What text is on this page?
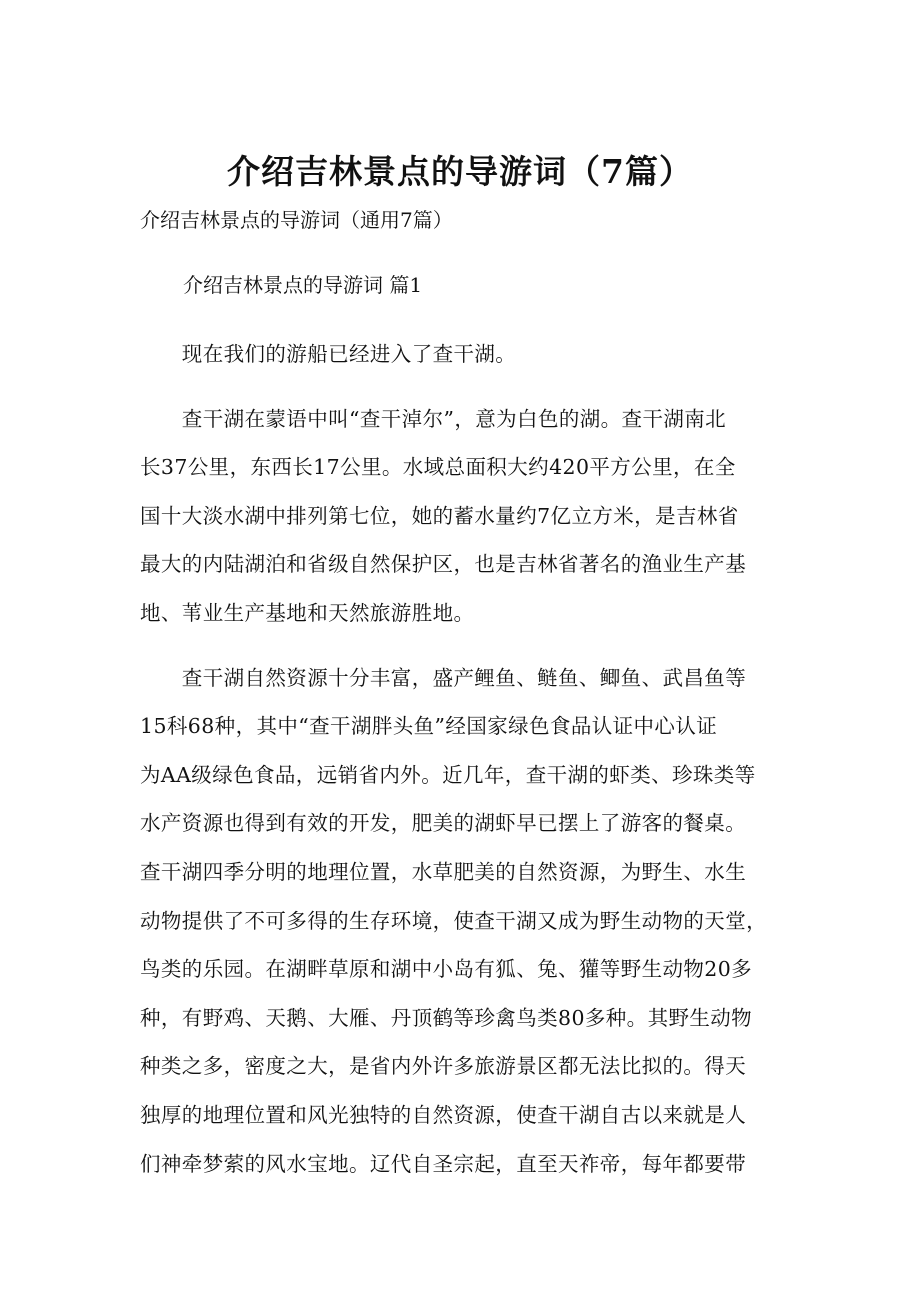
介绍吉林景点的导游词（7篇）
介绍吉林景点的导游词（通用7篇）
介绍吉林景点的导游词 篇1

　　现在我们的游船已经进入了查干湖。

　　查干湖在蒙语中叫“查干淖尔”，意为白色的湖。查干湖南北
长37公里，东西长17公里。水域总面积大约420平方公里，在全
国十大淡水湖中排列第七位，她的蓄水量约7亿立方米，是吉林省
最大的内陆湖泊和省级自然保护区，也是吉林省著名的渔业生产基
地、苇业生产基地和天然旅游胜地。

　　查干湖自然资源十分丰富，盛产鲤鱼、鲢鱼、鲫鱼、武昌鱼等
15科68种，其中“查干湖胖头鱼”经国家绿色食品认证中心认证
为AA级绿色食品，远销省内外。近几年，查干湖的虾类、珍珠类等
水产资源也得到有效的开发，肥美的湖虾早已摆上了游客的餐桌。
查干湖四季分明的地理位置，水草肥美的自然资源，为野生、水生
动物提供了不可多得的生存环境，使查干湖又成为野生动物的天堂，
鸟类的乐园。在湖畔草原和湖中小岛有狐、兔、獾等野生动物20多
种，有野鸡、天鹅、大雁、丹顶鹤等珍禽鸟类80多种。其野生动物
种类之多，密度之大，是省内外许多旅游景区都无法比拟的。得天
独厚的地理位置和风光独特的自然资源，使查干湖自古以来就是人
们神牵梦萦的风水宝地。辽代自圣宗起，直至天祚帝，每年都要带
